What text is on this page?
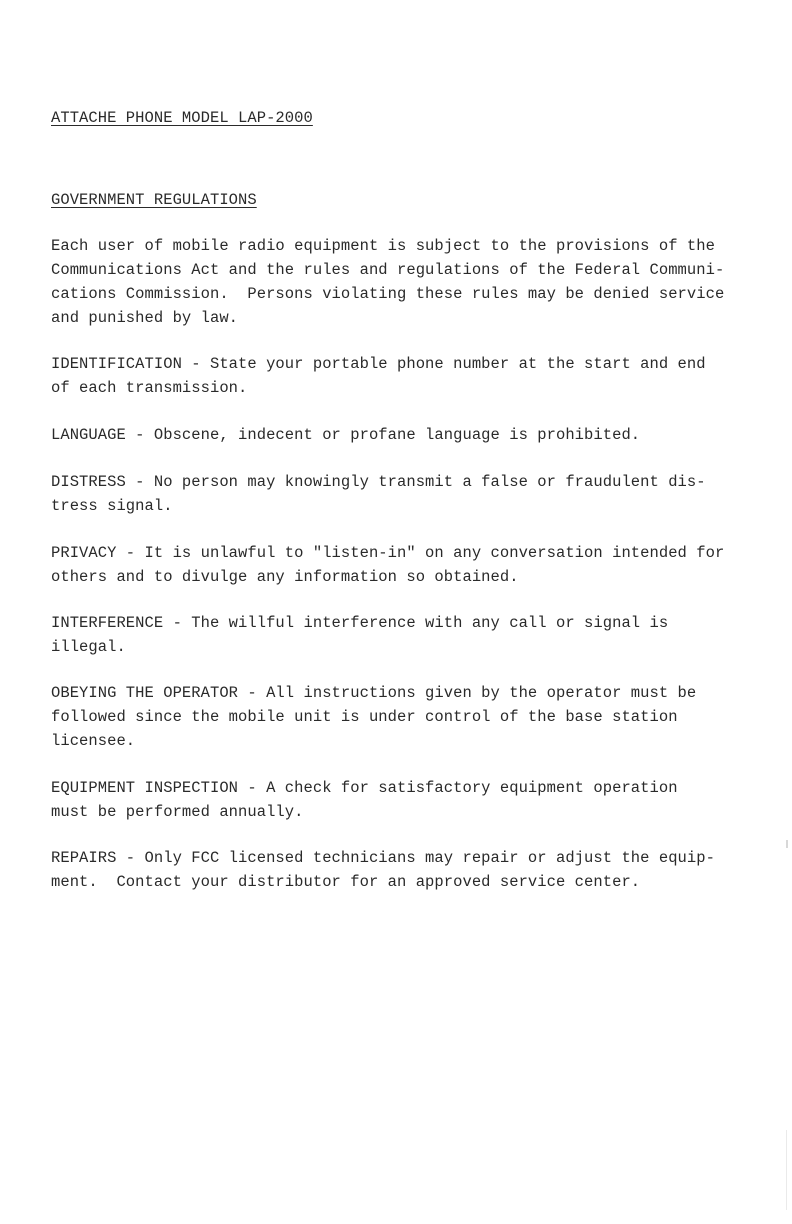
ATTACHE PHONE MODEL LAP-2000
GOVERNMENT REGULATIONS
Each user of mobile radio equipment is subject to the provisions of the
Communications Act and the rules and regulations of the Federal Communi-
cations Commission.  Persons violating these rules may be denied service
and punished by law.
IDENTIFICATION - State your portable phone number at the start and end
of each transmission.
LANGUAGE - Obscene, indecent or profane language is prohibited.
DISTRESS - No person may knowingly transmit a false or fraudulent dis-
tress signal.
PRIVACY - It is unlawful to "listen-in" on any conversation intended for
others and to divulge any information so obtained.
INTERFERENCE - The willful interference with any call or signal is
illegal.
OBEYING THE OPERATOR - All instructions given by the operator must be
followed since the mobile unit is under control of the base station
licensee.
EQUIPMENT INSPECTION - A check for satisfactory equipment operation
must be performed annually.
REPAIRS - Only FCC licensed technicians may repair or adjust the equip-
ment.  Contact your distributor for an approved service center.
